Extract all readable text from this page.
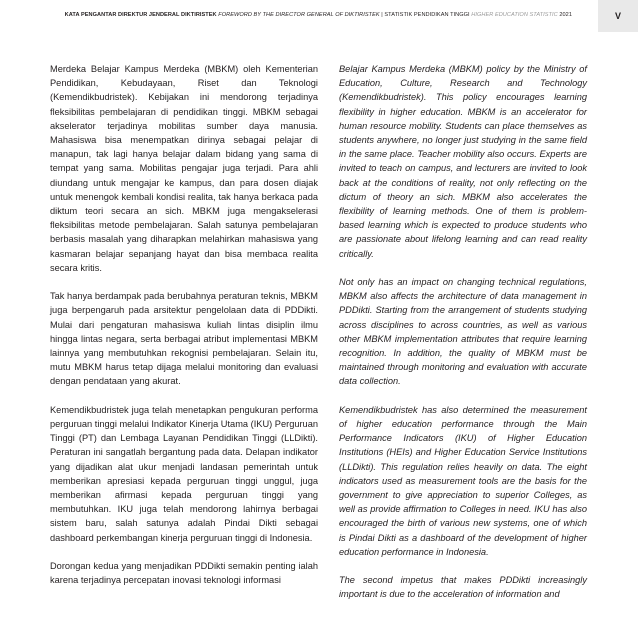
KATA PENGANTAR DIREKTUR JENDERAL DIKTIRISTEK FOREWORD BY THE DIRECTOR GENERAL OF DIKTIRISTEK | STATISTIK PENDIDIKAN TINGGI HIGHER EDUCATION STATISTIC 2021	V

Merdeka Belajar Kampus Merdeka (MBKM) oleh Kementerian Pendidikan, Kebudayaan, Riset dan Teknologi (Kemendikbudristek). Kebijakan ini mendorong terjadinya fleksibilitas pembelajaran di pendidikan tinggi. MBKM sebagai akselerator terjadinya mobilitas sumber daya manusia. Mahasiswa bisa menempatkan dirinya sebagai pelajar di manapun, tak lagi hanya belajar dalam bidang yang sama di tempat yang sama. Mobilitas pengajar juga terjadi. Para ahli diundang untuk mengajar ke kampus, dan para dosen diajak untuk menengok kembali kondisi realita, tak hanya berkaca pada diktum teori secara an sich. MBKM juga mengakselerasi fleksibilitas metode pembelajaran. Salah satunya pembelajaran berbasis masalah yang diharapkan melahirkan mahasiswa yang kasmaran belajar sepanjang hayat dan bisa membaca realita secara kritis.

Tak hanya berdampak pada berubahnya peraturan teknis, MBKM juga berpengaruh pada arsitektur pengelolaan data di PDDikti. Mulai dari pengaturan mahasiswa kuliah lintas disiplin ilmu hingga lintas negara, serta berbagai atribut implementasi MBKM lainnya yang membutuhkan rekognisi pembelajaran. Selain itu, mutu MBKM harus tetap dijaga melalui monitoring dan evaluasi dengan pendataan yang akurat.

Kemendikbudristek juga telah menetapkan pengukuran performa perguruan tinggi melalui Indikator Kinerja Utama (IKU) Perguruan Tinggi (PT) dan Lembaga Layanan Pendidikan Tinggi (LLDikti). Peraturan ini sangatlah bergantung pada data. Delapan indikator yang dijadikan alat ukur menjadi landasan pemerintah untuk memberikan apresiasi kepada perguruan tinggi unggul, juga memberikan afirmasi kepada perguruan tinggi yang membutuhkan. IKU juga telah mendorong lahirnya berbagai sistem baru, salah satunya adalah Pindai Dikti sebagai dashboard perkembangan kinerja perguruan tinggi di Indonesia.

Dorongan kedua yang menjadikan PDDikti semakin penting ialah karena terjadinya percepatan inovasi teknologi informasi

Belajar Kampus Merdeka (MBKM) policy by the Ministry of Education, Culture, Research and Technology (Kemendikbudristek). This policy encourages learning flexibility in higher education. MBKM is an accelerator for human resource mobility. Students can place themselves as students anywhere, no longer just studying in the same field in the same place. Teacher mobility also occurs. Experts are invited to teach on campus, and lecturers are invited to look back at the conditions of reality, not only reflecting on the dictum of theory an sich. MBKM also accelerates the flexibility of learning methods. One of them is problem-based learning which is expected to produce students who are passionate about lifelong learning and can read reality critically.

Not only has an impact on changing technical regulations, MBKM also affects the architecture of data management in PDDikti. Starting from the arrangement of students studying across disciplines to across countries, as well as various other MBKM implementation attributes that require learning recognition. In addition, the quality of MBKM must be maintained through monitoring and evaluation with accurate data collection.

Kemendikbudristek has also determined the measurement of higher education performance through the Main Performance Indicators (IKU) of Higher Education Institutions (HEIs) and Higher Education Service Institutions (LLDikti). This regulation relies heavily on data. The eight indicators used as measurement tools are the basis for the government to give appreciation to superior Colleges, as well as provide affirmation to Colleges in need. IKU has also encouraged the birth of various new systems, one of which is Pindai Dikti as a dashboard of the development of higher education performance in Indonesia.

The second impetus that makes PDDikti increasingly important is due to the acceleration of information and
